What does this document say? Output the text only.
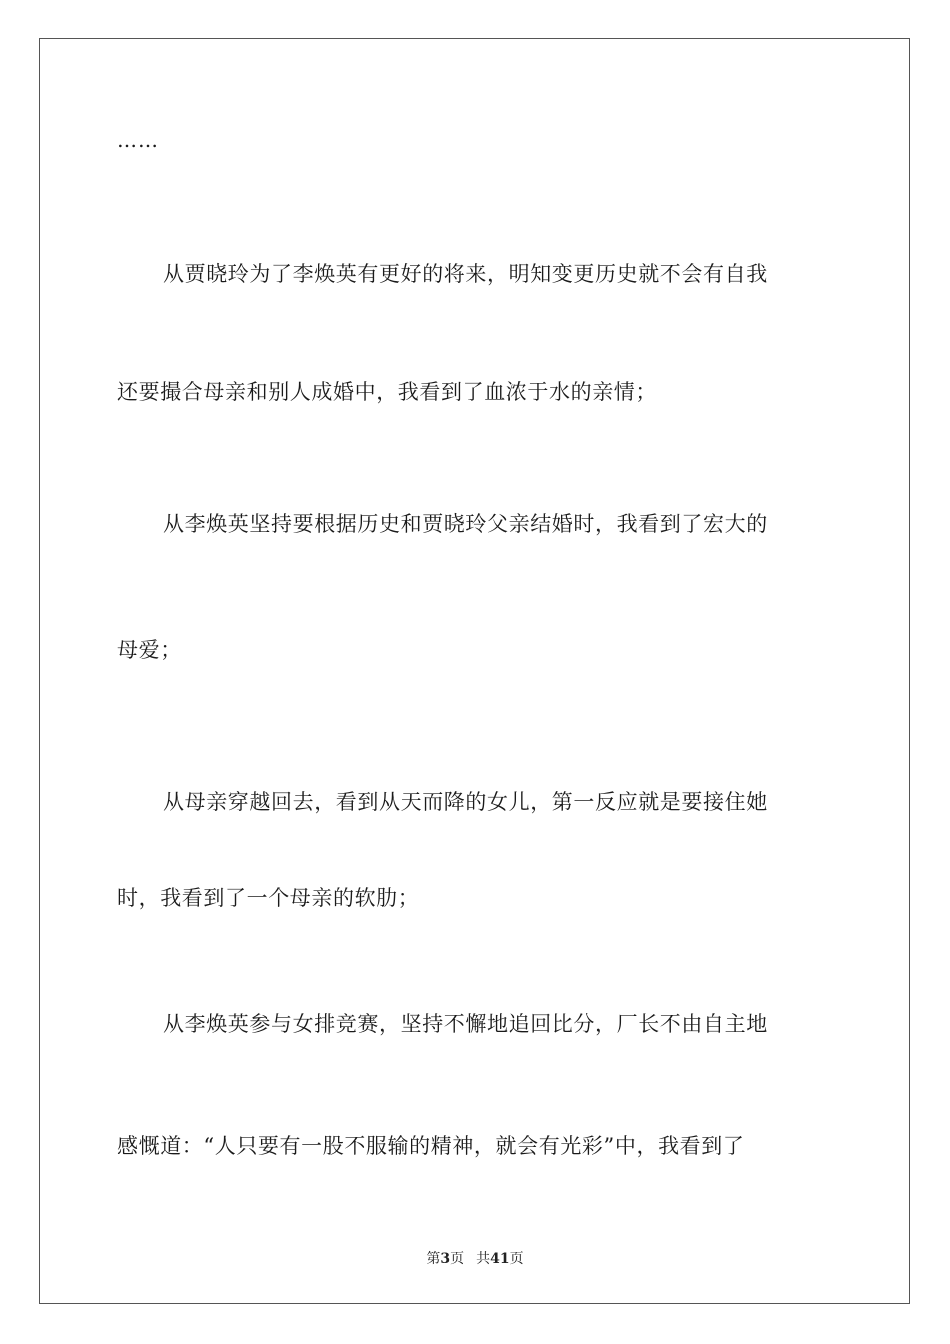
……
从贾晓玲为了李焕英有更好的将来，明知变更历史就不会有自我
还要撮合母亲和别人成婚中，我看到了血浓于水的亲情；
从李焕英坚持要根据历史和贾晓玲父亲结婚时，我看到了宏大的
母爱；
从母亲穿越回去，看到从天而降的女儿，第一反应就是要接住她
时，我看到了一个母亲的软肋；
从李焕英参与女排竞赛，坚持不懈地追回比分，厂长不由自主地
感慨道：“人只要有一股不服输的精神，就会有光彩”中，我看到了
第3页 共41页
